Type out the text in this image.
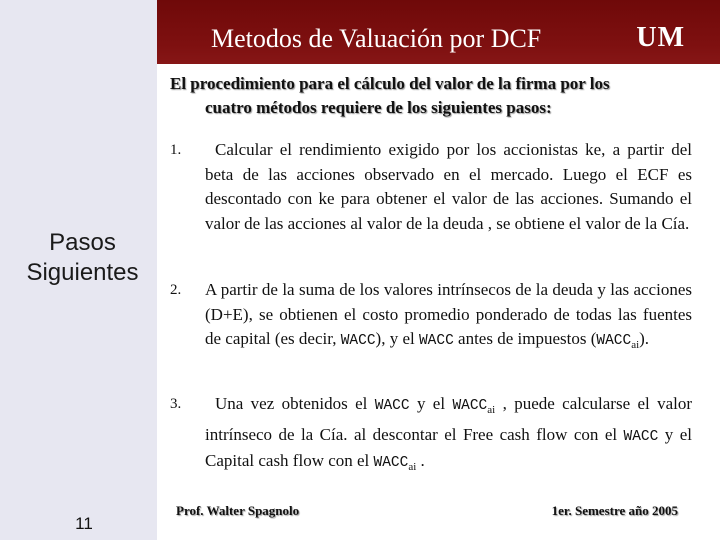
Pasos
Siguientes
11
Metodos de Valuación por DCF	UM
El procedimiento para el cálculo del valor de la firma por los
cuatro métodos requiere de los siguientes pasos:
1.	Calcular el rendimiento exigido por los accionistas ke, a partir del beta de las acciones observado en el mercado. Luego el ECF es descontado con ke para obtener el valor de las acciones. Sumando el valor de las acciones al valor de la deuda , se obtiene el valor de la Cía.
2.	A partir de la suma de los valores intrínsecos de la deuda y las acciones (D+E), se obtienen el costo promedio ponderado de todas las fuentes de capital (es decir, WACC), y el WACC antes de impuestos $(WACC_{ai})$.
3.	Una vez obtenidos el WACC y el $WACC_{ai}$ , puede calcularse el valor intrínseco de la Cía. al descontar el Free cash flow con el WACC y el Capital cash flow con el $WACC_{ai}$ .
Prof. Walter Spagnolo	1er. Semestre año 2005
